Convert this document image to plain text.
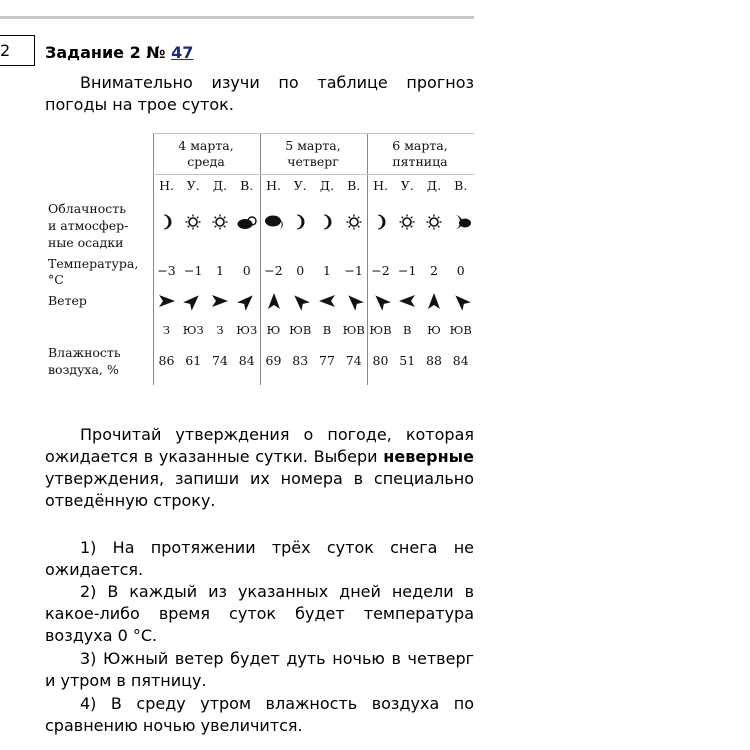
2	Задание 2 № 47
Внимательно изучи по таблице прогноз погоды на трое суток.
4 марта,
среда
5 марта,
четверг
6 марта,
пятница
Облачность
и атмосфер-
ные осадки
Температура,
°C
Ветер
Влажность
воздуха, %
Н.
−3
З
86
У.
−1
ЮЗ
61
Д.
1
З
74
В.
0
ЮЗ
84
Н.
−2
Ю
69
У.
0
ЮВ
83
Д.
1
В
77
В.
−1
ЮВ
74
Н.
−2
ЮВ
80
У.
−1
В
51
Д.
2
Ю
88
В.
0
ЮВ
84
Прочитай утверждения о погоде, которая ожидается в указанные сутки. Выбери неверные утверждения, запиши их номера в специально отведённую строку.
1) На протяжении трёх суток снега не ожидается.
2) В каждый из указанных дней недели в какое-либо время суток будет температура воздуха 0 °C.
3) Южный ветер будет дуть ночью в четверг и утром в пятницу.
4) В среду утром влажность воздуха по сравнению ночью увеличится.
